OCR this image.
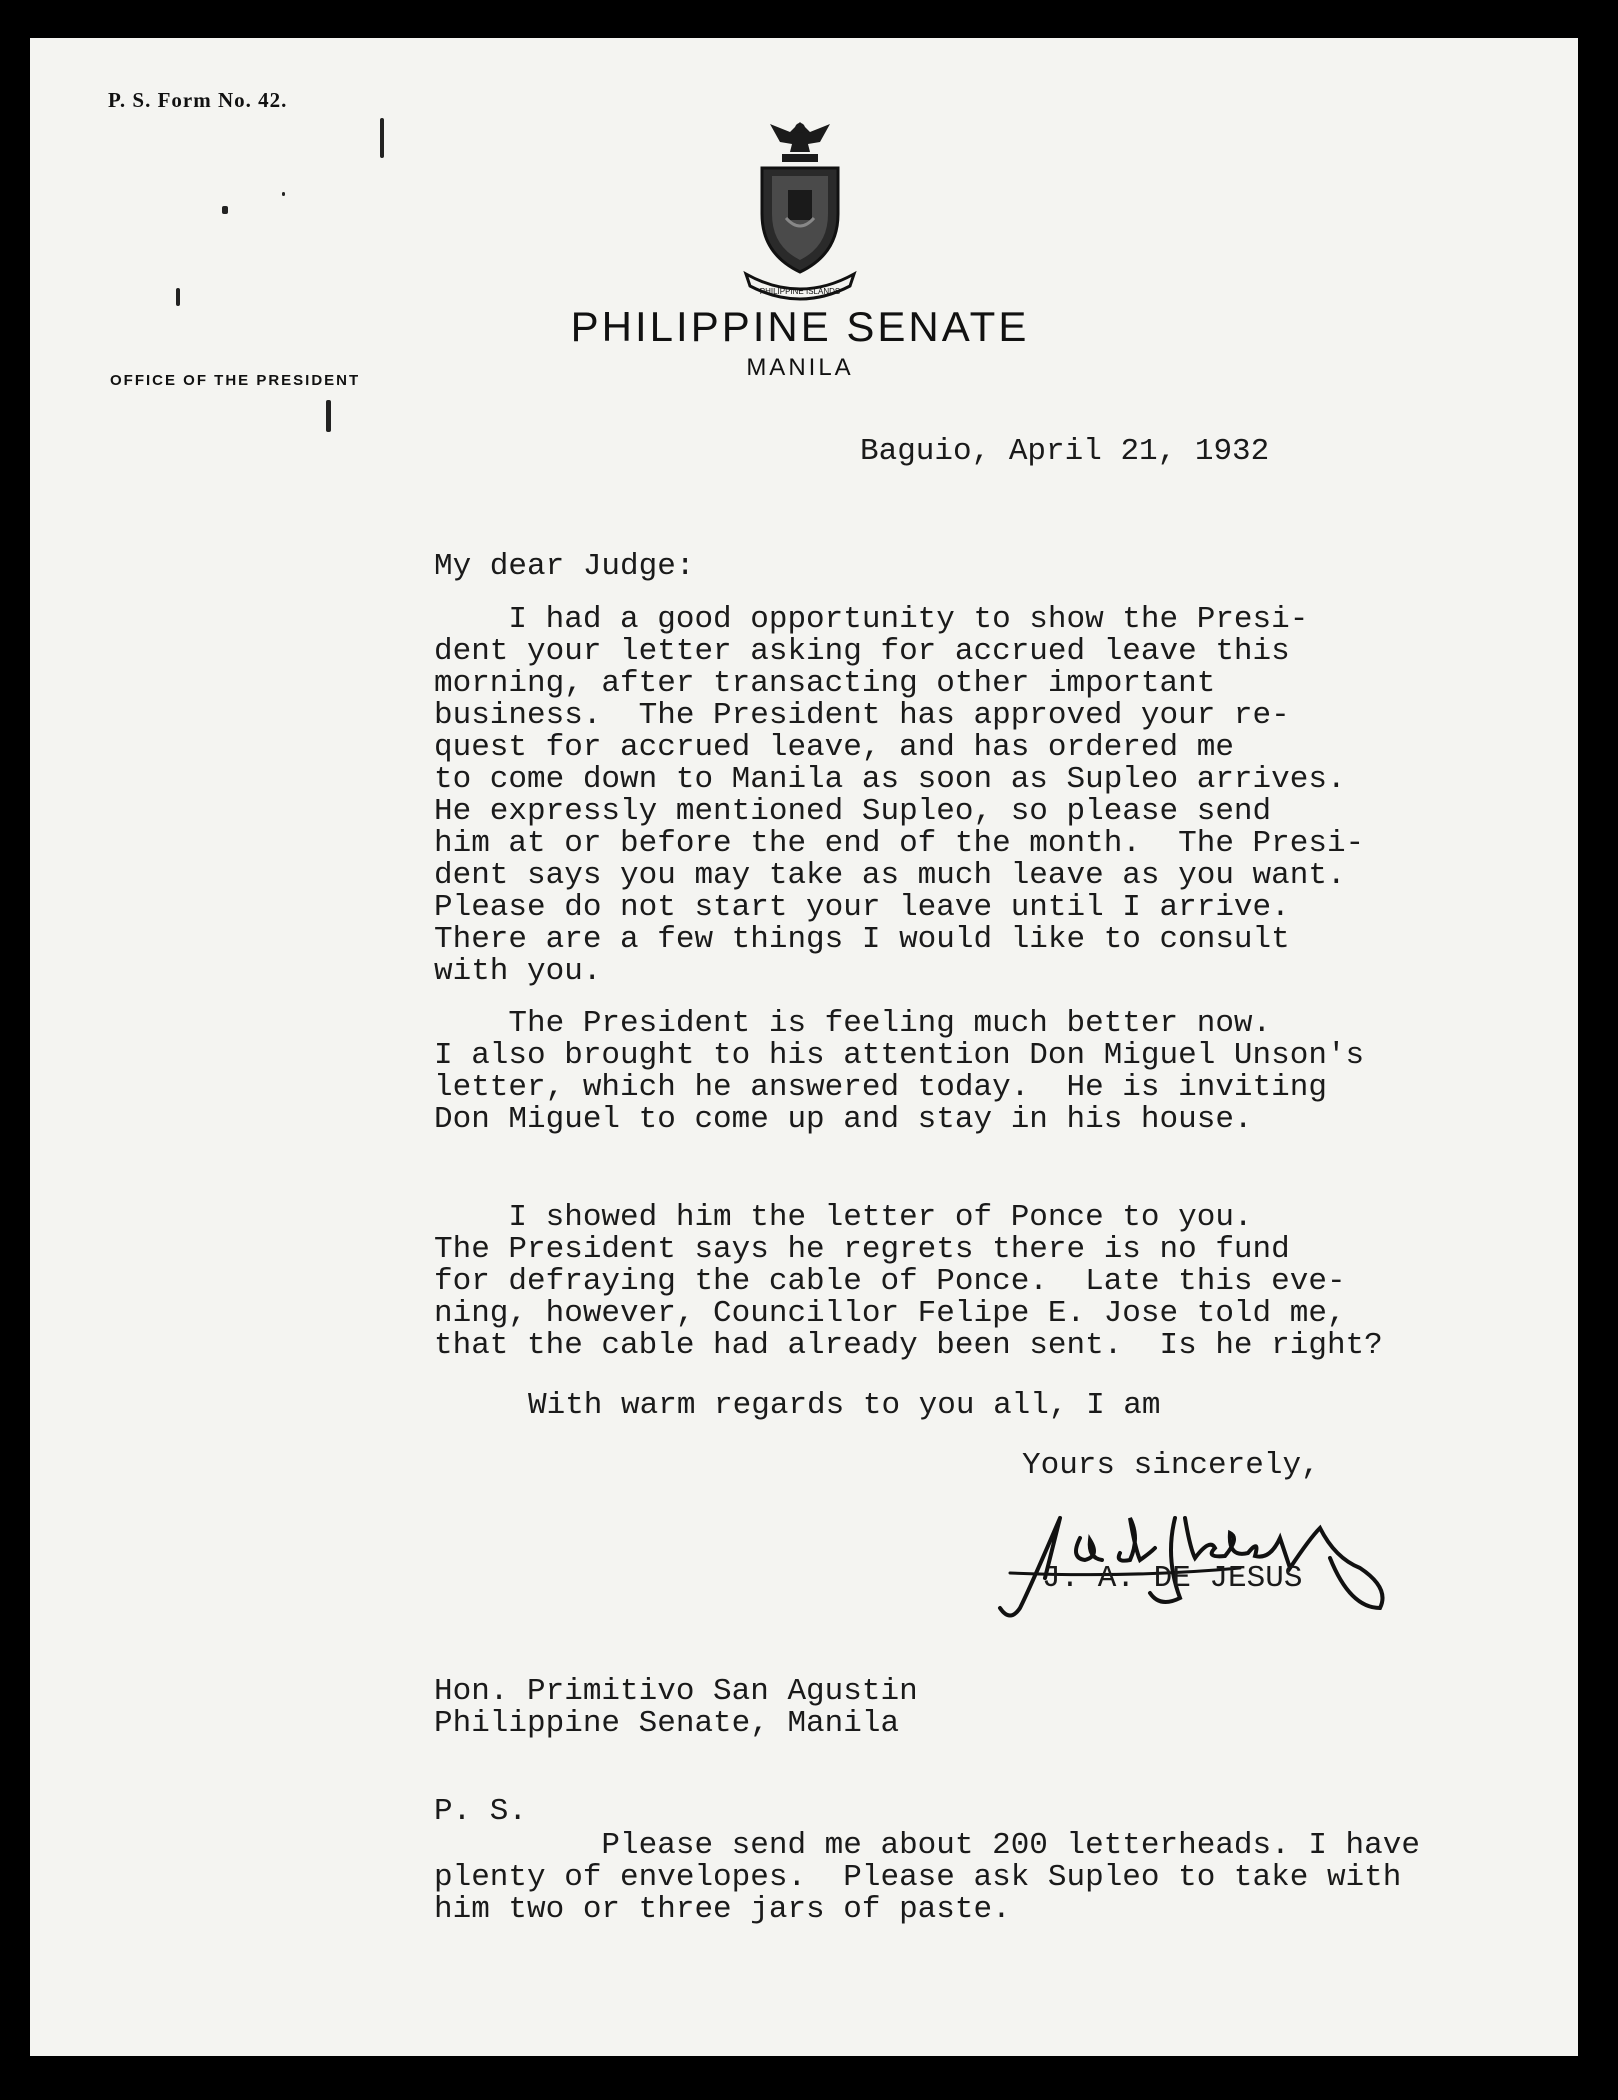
P. S. Form No. 42.
PHILIPPINE ISLANDS
PHILIPPINE SENATE
MANILA
OFFICE OF THE PRESIDENT
Baguio, April 21, 1932
My dear Judge:
I had a good opportunity to show the Presi-
dent your letter asking for accrued leave this
morning, after transacting other important
business.  The President has approved your re-
quest for accrued leave, and has ordered me
to come down to Manila as soon as Supleo arrives.
He expressly mentioned Supleo, so please send
him at or before the end of the month.  The Presi-
dent says you may take as much leave as you want.
Please do not start your leave until I arrive.
There are a few things I would like to consult
with you.
The President is feeling much better now.
I also brought to his attention Don Miguel Unson's
letter, which he answered today.  He is inviting
Don Miguel to come up and stay in his house.
I showed him the letter of Ponce to you.
The President says he regrets there is no fund
for defraying the cable of Ponce.  Late this eve-
ning, however, Councillor Felipe E. Jose told me,
that the cable had already been sent.  Is he right?
With warm regards to you all, I am
Yours sincerely,
J. A. DE JESUS
Hon. Primitivo San Agustin
Philippine Senate, Manila
P. S.
Please send me about 200 letterheads. I have
plenty of envelopes.  Please ask Supleo to take with
him two or three jars of paste.
